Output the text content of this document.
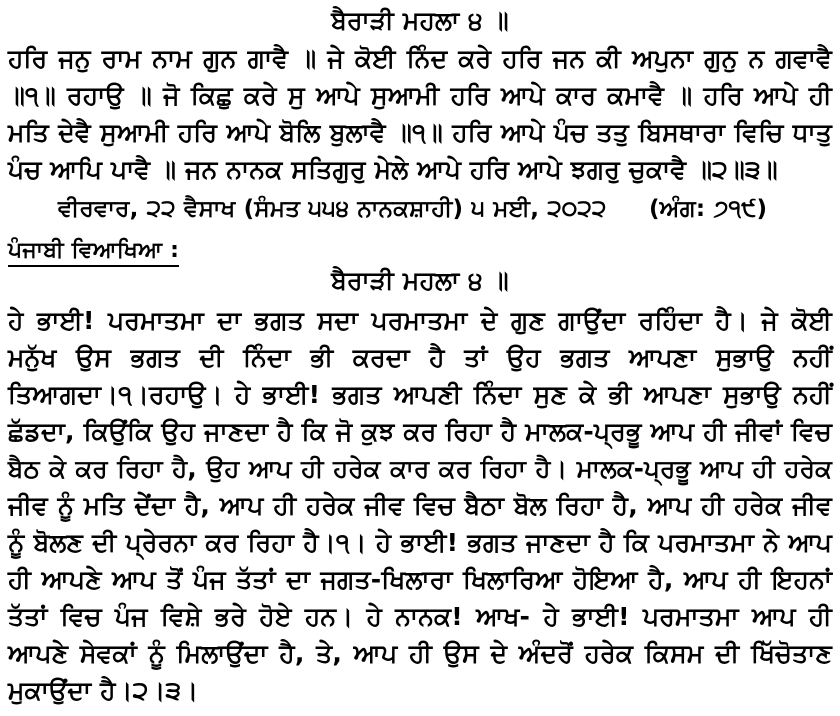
ਬੈਰਾੜੀ ਮਹਲਾ ੪ ॥
ਹਰਿ ਜਨੁ ਰਾਮ ਨਾਮ ਗੁਨ ਗਾਵੈ ॥ ਜੇ ਕੋਈ ਨਿੰਦ ਕਰੇ ਹਰਿ ਜਨ ਕੀ ਅਪੁਨਾ ਗੁਨੁ ਨ ਗਵਾਵੈ
॥੧॥ ਰਹਾਉ ॥ ਜੋ ਕਿਛੁ ਕਰੇ ਸੁ ਆਪੇ ਸੁਆਮੀ ਹਰਿ ਆਪੇ ਕਾਰ ਕਮਾਵੈ ॥ ਹਰਿ ਆਪੇ ਹੀ
ਮਤਿ ਦੇਵੈ ਸੁਆਮੀ ਹਰਿ ਆਪੇ ਬੋਲਿ ਬੁਲਾਵੈ ॥੧॥ ਹਰਿ ਆਪੇ ਪੰਚ ਤਤੁ ਬਿਸਥਾਰਾ ਵਿਚਿ ਧਾਤੁ
ਪੰਚ ਆਪਿ ਪਾਵੈ ॥ ਜਨ ਨਾਨਕ ਸਤਿਗੁਰੁ ਮੇਲੇ ਆਪੇ ਹਰਿ ਆਪੇ ਝਗਰੁ ਚੁਕਾਵੈ ॥੨॥੩॥
ਵੀਰਵਾਰ, ੨੨ ਵੈਸਾਖ (ਸੰਮਤ ੫੫੪ ਨਾਨਕਸ਼ਾਹੀ) ੫ ਮਈ, ੨੦੨੨ (ਅੰਗ: ੭੧੯)
ਪੰਜਾਬੀ ਵਿਆਖਿਆ :
ਬੈਰਾੜੀ ਮਹਲਾ ੪ ॥
ਹੇ ਭਾਈ! ਪਰਮਾਤਮਾ ਦਾ ਭਗਤ ਸਦਾ ਪਰਮਾਤਮਾ ਦੇ ਗੁਣ ਗਾਉਂਦਾ ਰਹਿੰਦਾ ਹੈ। ਜੇ ਕੋਈ
ਮਨੁੱਖ ਉਸ ਭਗਤ ਦੀ ਨਿੰਦਾ ਭੀ ਕਰਦਾ ਹੈ ਤਾਂ ਉਹ ਭਗਤ ਆਪਣਾ ਸੁਭਾਉ ਨਹੀਂ
ਤਿਆਗਦਾ।੧।ਰਹਾਉ। ਹੇ ਭਾਈ! ਭਗਤ ਆਪਣੀ ਨਿੰਦਾ ਸੁਣ ਕੇ ਭੀ ਆਪਣਾ ਸੁਭਾਉ ਨਹੀਂ
ਛੱਡਦਾ, ਕਿਉਂਕਿ ਉਹ ਜਾਣਦਾ ਹੈ ਕਿ ਜੋ ਕੁਝ ਕਰ ਰਿਹਾ ਹੈ ਮਾਲਕ-ਪ੍ਰਭੂ ਆਪ ਹੀ ਜੀਵਾਂ ਵਿਚ
ਬੈਠ ਕੇ ਕਰ ਰਿਹਾ ਹੈ, ਉਹ ਆਪ ਹੀ ਹਰੇਕ ਕਾਰ ਕਰ ਰਿਹਾ ਹੈ। ਮਾਲਕ-ਪ੍ਰਭੂ ਆਪ ਹੀ ਹਰੇਕ
ਜੀਵ ਨੂੰ ਮਤਿ ਦੇਂਦਾ ਹੈ, ਆਪ ਹੀ ਹਰੇਕ ਜੀਵ ਵਿਚ ਬੈਠਾ ਬੋਲ ਰਿਹਾ ਹੈ, ਆਪ ਹੀ ਹਰੇਕ ਜੀਵ
ਨੂੰ ਬੋਲਣ ਦੀ ਪ੍ਰੇਰਨਾ ਕਰ ਰਿਹਾ ਹੈ।੧। ਹੇ ਭਾਈ! ਭਗਤ ਜਾਣਦਾ ਹੈ ਕਿ ਪਰਮਾਤਮਾ ਨੇ ਆਪ
ਹੀ ਆਪਣੇ ਆਪ ਤੋਂ ਪੰਜ ਤੱਤਾਂ ਦਾ ਜਗਤ-ਖਿਲਾਰਾ ਖਿਲਾਰਿਆ ਹੋਇਆ ਹੈ, ਆਪ ਹੀ ਇਹਨਾਂ
ਤੱਤਾਂ ਵਿਚ ਪੰਜ ਵਿਸ਼ੇ ਭਰੇ ਹੋਏ ਹਨ। ਹੇ ਨਾਨਕ! ਆਖ- ਹੇ ਭਾਈ! ਪਰਮਾਤਮਾ ਆਪ ਹੀ
ਆਪਣੇ ਸੇਵਕਾਂ ਨੂੰ ਮਿਲਾਉਂਦਾ ਹੈ, ਤੇ, ਆਪ ਹੀ ਉਸ ਦੇ ਅੰਦਰੋਂ ਹਰੇਕ ਕਿਸਮ ਦੀ ਖਿੱਚੋਤਾਣ
ਮੁਕਾਉਂਦਾ ਹੈ।੨।੩।
